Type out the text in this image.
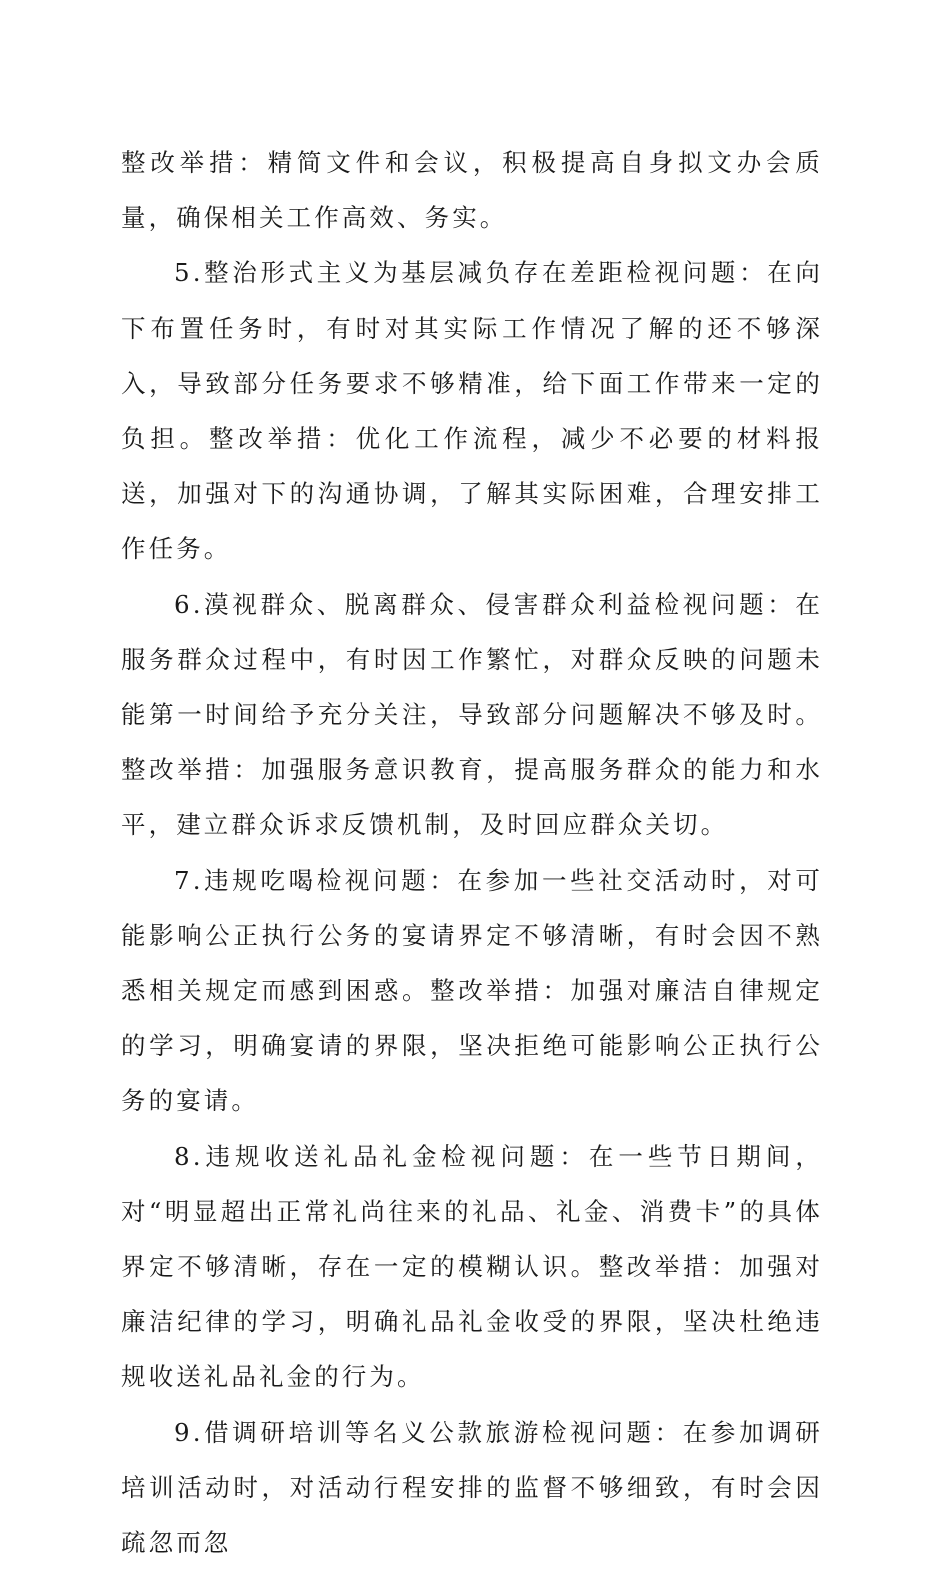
整改举措：精简文件和会议，积极提高自身拟文办会质量，确保相关工作高效、务实。

5.整治形式主义为基层减负存在差距检视问题：在向下布置任务时，有时对其实际工作情况了解的还不够深入，导致部分任务要求不够精准，给下面工作带来一定的负担。整改举措：优化工作流程，减少不必要的材料报送，加强对下的沟通协调，了解其实际困难，合理安排工作任务。

6.漠视群众、脱离群众、侵害群众利益检视问题：在服务群众过程中，有时因工作繁忙，对群众反映的问题未能第一时间给予充分关注，导致部分问题解决不够及时。整改举措：加强服务意识教育，提高服务群众的能力和水平，建立群众诉求反馈机制，及时回应群众关切。

7.违规吃喝检视问题：在参加一些社交活动时，对可能影响公正执行公务的宴请界定不够清晰，有时会因不熟悉相关规定而感到困惑。整改举措：加强对廉洁自律规定的学习，明确宴请的界限，坚决拒绝可能影响公正执行公务的宴请。

8.违规收送礼品礼金检视问题：在一些节日期间，对“明显超出正常礼尚往来的礼品、礼金、消费卡”的具体界定不够清晰，存在一定的模糊认识。整改举措：加强对廉洁纪律的学习，明确礼品礼金收受的界限，坚决杜绝违规收送礼品礼金的行为。

9.借调研培训等名义公款旅游检视问题：在参加调研培训活动时，对活动行程安排的监督不够细致，有时会因疏忽而忽
